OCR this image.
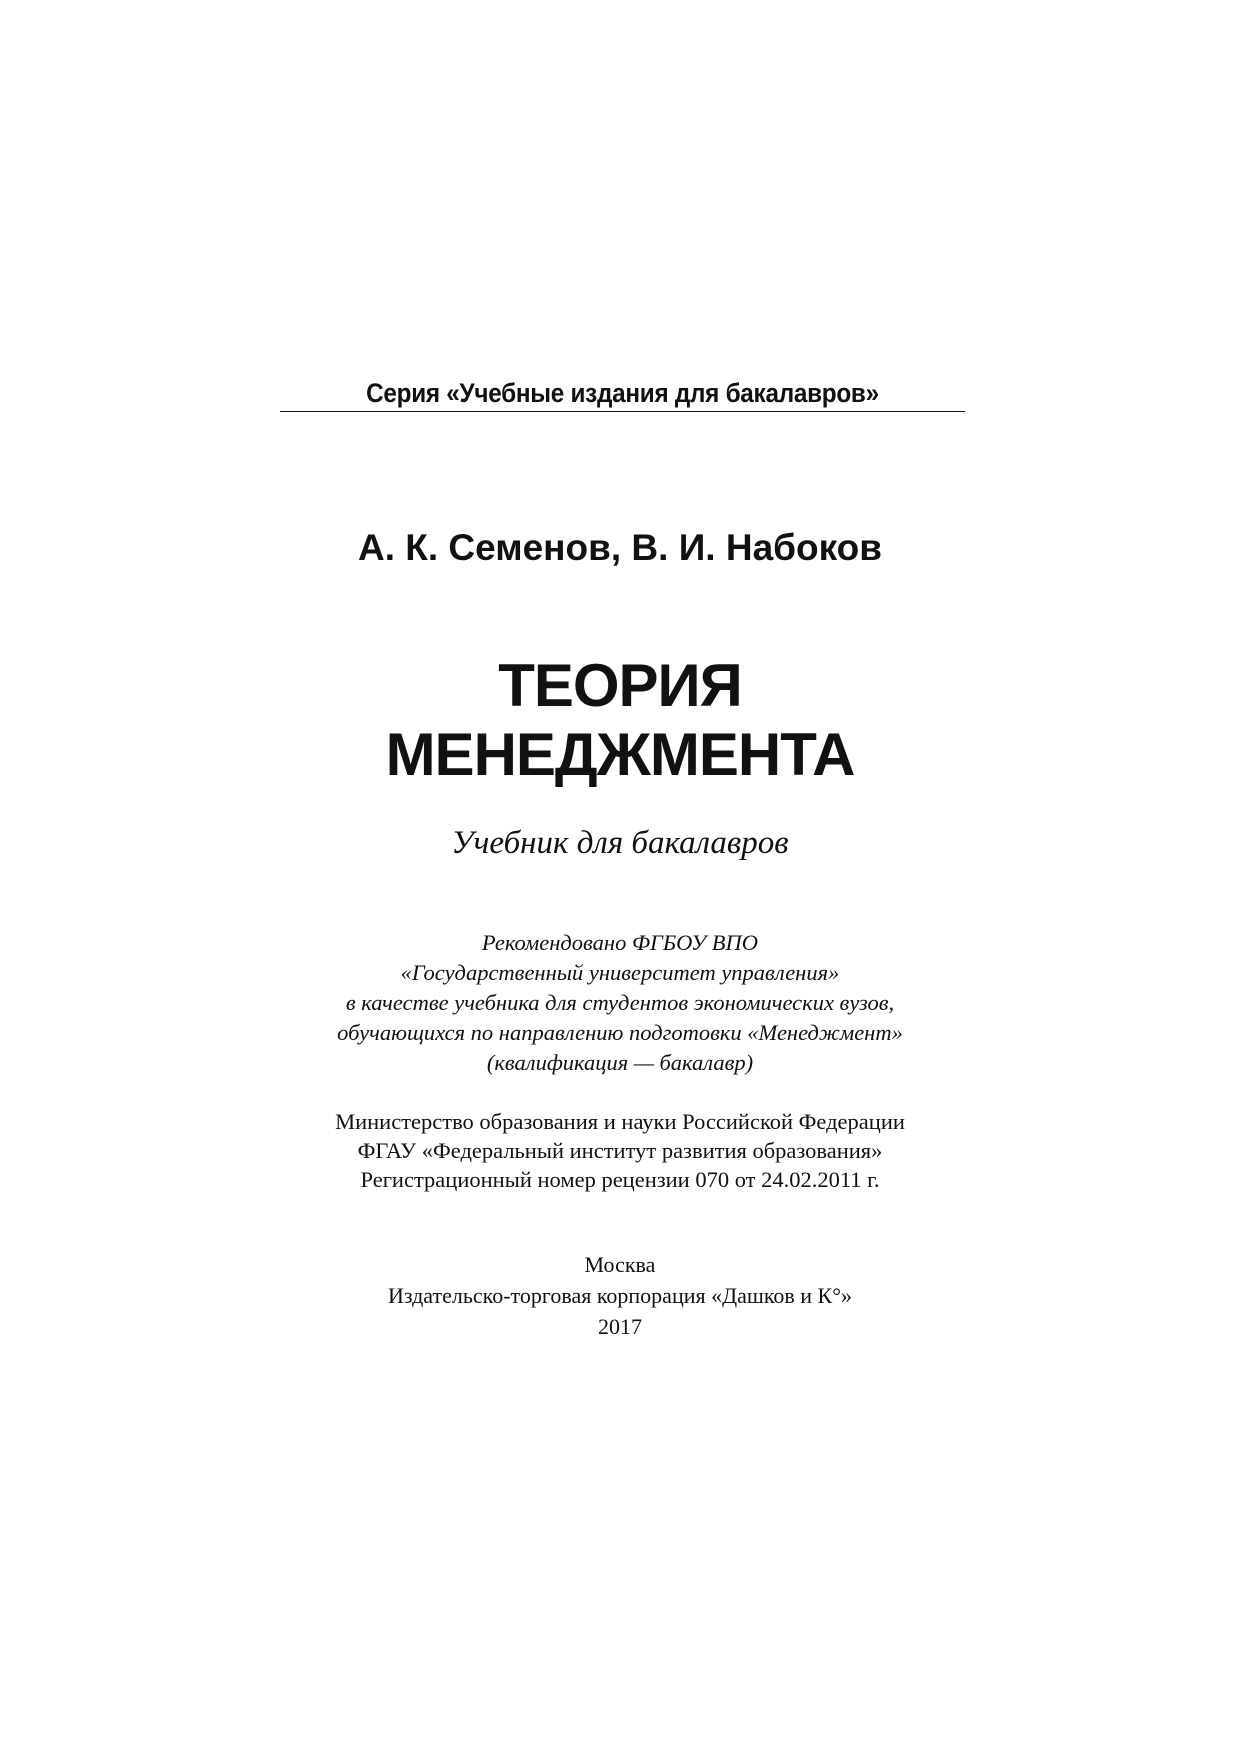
Серия «Учебные издания для бакалавров»
А. К. Семенов, В. И. Набоков
ТЕОРИЯ
МЕНЕДЖМЕНТА
Учебник для бакалавров
Рекомендовано ФГБОУ ВПО
«Государственный университет управления»
в качестве учебника для студентов экономических вузов,
обучающихся по направлению подготовки «Менеджмент»
(квалификация — бакалавр)
Министерство образования и науки Российской Федерации
ФГАУ «Федеральный институт развития образования»
Регистрационный номер рецензии 070 от 24.02.2011 г.
Москва
Издательско-торговая корпорация «Дашков и К°»
2017
